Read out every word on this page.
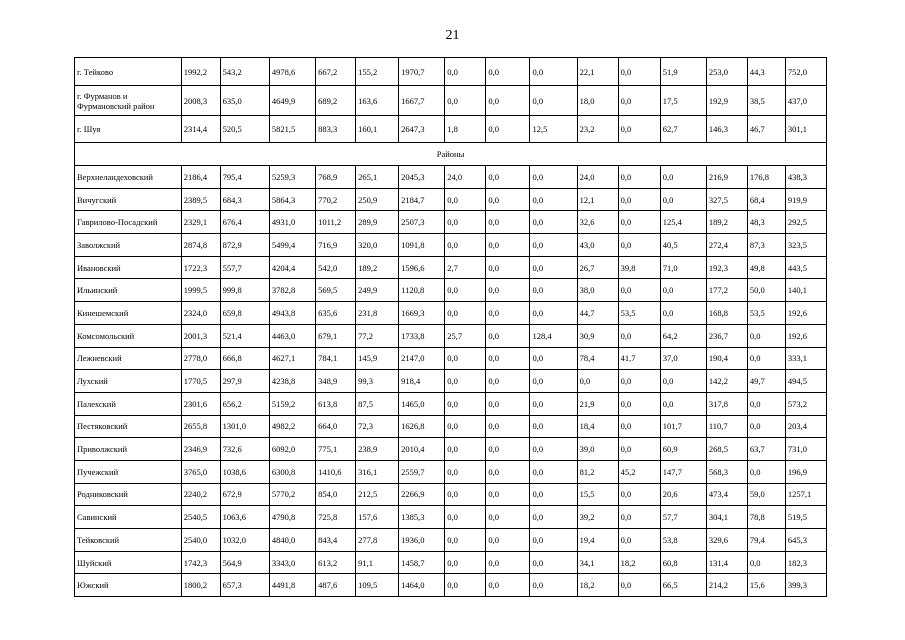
21
г. Тейково	1992,2	543,2	4978,6	667,2	155,2	1970,7	0,0	0,0	0,0	22,1	0,0	51,9	253,0	44,3	752,0
г. Фурманов и Фурмановский район	2008,3	635,0	4649,9	689,2	163,6	1667,7	0,0	0,0	0,0	18,0	0,0	17,5	192,9	38,5	437,0
г. Шуя	2314,4	520,5	5821,5	883,3	160,1	2647,3	1,8	0,0	12,5	23,2	0,0	62,7	146,3	46,7	301,1
Районы															
Верхнеландеховский	2186,4	795,4	5259,3	768,9	265,1	2045,3	24,0	0,0	0,0	24,0	0,0	0,0	216,9	176,8	438,3
Вичугский	2389,5	684,3	5864,3	770,2	250,9	2184,7	0,0	0,0	0,0	12,1	0,0	0,0	327,5	68,4	919,9
Гаврилово-Посадский	2329,1	676,4	4931,0	1011,2	289,9	2507,3	0,0	0,0	0,0	32,6	0,0	125,4	189,2	48,3	292,5
Заволжский	2874,8	872,9	5499,4	716,9	320,0	1091,8	0,0	0,0	0,0	43,0	0,0	40,5	272,4	87,3	323,5
Ивановский	1722,3	557,7	4204,4	542,0	189,2	1596,6	2,7	0,0	0,0	26,7	39,8	71,0	192,3	49,8	443,5
Ильинский	1999,5	999,8	3782,8	569,5	249,9	1120,8	0,0	0,0	0,0	38,0	0,0	0,0	177,2	50,0	140,1
Кинешемский	2324,0	659,8	4943,8	635,6	231,8	1669,3	0,0	0,0	0,0	44,7	53,5	0,0	168,8	53,5	192,6
Комсомольский	2001,3	521,4	4463,0	679,1	77,2	1733,8	25,7	0,0	128,4	30,9	0,0	64,2	236,7	0,0	192,6
Лежневский	2778,0	666,8	4627,1	784,1	145,9	2147,0	0,0	0,0	0,0	78,4	41,7	37,0	190,4	0,0	333,1
Лухский	1770,5	297,9	4238,8	348,9	99,3	918,4	0,0	0,0	0,0	0,0	0,0	0,0	142,2	49,7	494,5
Палехский	2301,6	656,2	5159,2	613,8	87,5	1465,0	0,0	0,0	0,0	21,9	0,0	0,0	317,8	0,0	573,2
Пестяковский	2655,8	1301,0	4982,2	664,0	72,3	1626,8	0,0	0,0	0,0	18,4	0,0	101,7	110,7	0,0	203,4
Приволжский	2346,9	732,6	6092,0	775,1	238,9	2010,4	0,0	0,0	0,0	39,0	0,0	60,9	268,5	63,7	731,0
Пучежский	3765,0	1038,6	6300,8	1410,6	316,1	2559,7	0,0	0,0	0,0	81,2	45,2	147,7	568,3	0,0	196,9
Родниковский	2240,2	672,9	5770,2	854,0	212,5	2266,9	0,0	0,0	0,0	15,5	0,0	20,6	473,4	59,0	1257,1
Савинский	2540,5	1063,6	4790,8	725,8	157,6	1385,3	0,0	0,0	0,0	39,2	0,0	57,7	304,1	78,8	519,5
Тейковский	2540,0	1032,0	4840,0	843,4	277,8	1936,0	0,0	0,0	0,0	19,4	0,0	53,8	329,6	79,4	645,3
Шуйский	1742,3	564,9	3343,0	613,2	91,1	1458,7	0,0	0,0	0,0	34,1	18,2	60,8	131,4	0,0	182,3
Южский	1800,2	657,3	4491,8	487,6	109,5	1464,0	0,0	0,0	0,0	18,2	0,0	66,5	214,2	15,6	399,3
